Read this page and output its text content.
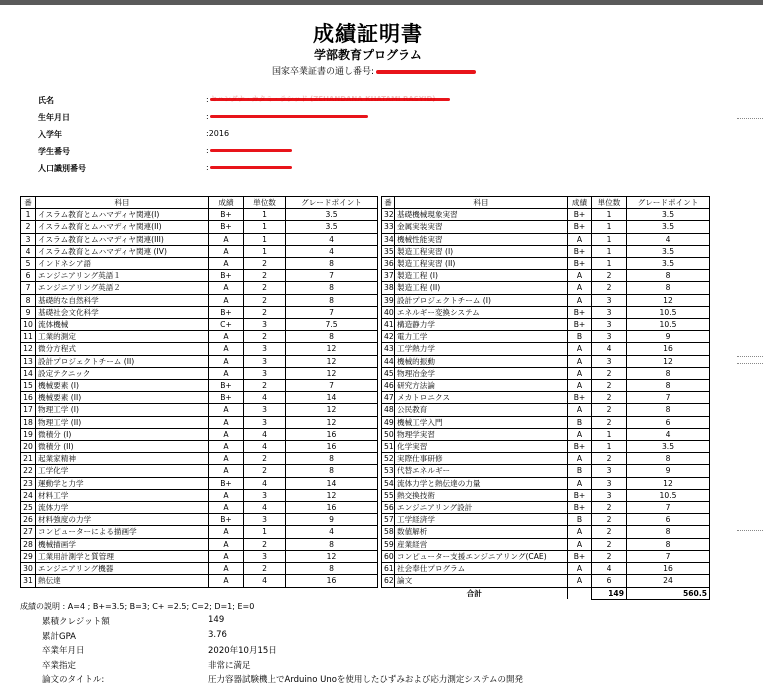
成績証明書
学部教育プログラム
国家卒業証書の通し番号:
氏名	: セハンダナ・カタミ・ラシッド (ZEHANDANA KHATAMI RASYID)
生年月日	:
入学年	:2016
学生番号	:
人口識別番号	:
番	科目	成績	単位数	グレードポイント
1	イスラム教育とムハマディヤ関連(I)	B+	1	3.5
2	イスラム教育とムハマディヤ関連(II)	B+	1	3.5
3	イスラム教育とムハマディヤ関連(III)	A	1	4
4	イスラム教育とムハマディヤ関連 (IV)	A	1	4
5	インドネシア語	A	2	8
6	エンジニアリング英語１	B+	2	7
7	エンジニアリング英語２	A	2	8
8	基礎的な自然科学	A	2	8
9	基礎社会文化科学	B+	2	7
10	流体機械	C+	3	7.5
11	工業的測定	A	2	8
12	微分方程式	A	3	12
13	設計プロジェクトチーム (II)	A	3	12
14	設定テクニック	A	3	12
15	機械要素 (I)	B+	2	7
16	機械要素 (II)	B+	4	14
17	物理工学 (I)	A	3	12
18	物理工学 (II)	A	3	12
19	微積分 (I)	A	4	16
20	微積分 (II)	A	4	16
21	起業家精神	A	2	8
22	工学化学	A	2	8
23	運動学と力学	B+	4	14
24	材料工学	A	3	12
25	流体力学	A	4	16
26	材料強度の力学	B+	3	9
27	コンピューターによる描画学	A	1	4
28	機械描画学	A	2	8
29	工業用計測学と質管理	A	3	12
30	エンジニアリング機器	A	2	8
31	熱伝達	A	4	16
番	科目	成績	単位数	グレードポイント
32	基礎機械現象実習	B+	1	3.5
33	金属実装実習	B+	1	3.5
34	機械性能実習	A	1	4
35	製造工程実習 (I)	B+	1	3.5
36	製造工程実習 (II)	B+	1	3.5
37	製造工程 (I)	A	2	8
38	製造工程 (II)	A	2	8
39	設計プロジェクトチーム (I)	A	3	12
40	エネルギー変換システム	B+	3	10.5
41	構造静力学	B+	3	10.5
42	電力工学	B	3	9
43	工学熱力学	A	4	16
44	機械的振動	A	3	12
45	物理冶金学	A	2	8
46	研究方法論	A	2	8
47	メカトロニクス	B+	2	7
48	公民教育	A	2	8
49	機械工学入門	B	2	6
50	物理学実習	A	1	4
51	化学実習	B+	1	3.5
52	実際仕事研修	A	2	8
53	代替エネルギー	B	3	9
54	流体力学と熱伝達の力量	A	3	12
55	熱交換技術	B+	3	10.5
56	エンジニアリング設計	B+	2	7
57	工学経済学	B	2	6
58	数値解析	A	2	8
59	産業経営	A	2	8
60	コンピューター支援エンジニアリング(CAE)	B+	2	7
61	社会奉仕プログラム	A	4	16
62	論文	A	6	24
合計			149	560.5
成績の説明 : A=4 ; B+=3.5; B=3; C+ =2.5; C=2; D=1; E=0
累積クレジット額	149
累計GPA	3.76
卒業年月日	2020年10月15日
卒業指定	非常に満足
論文のタイトル:	圧力容器試験機上でArduino Unoを使用したひずみおよび応力測定システムの開発
